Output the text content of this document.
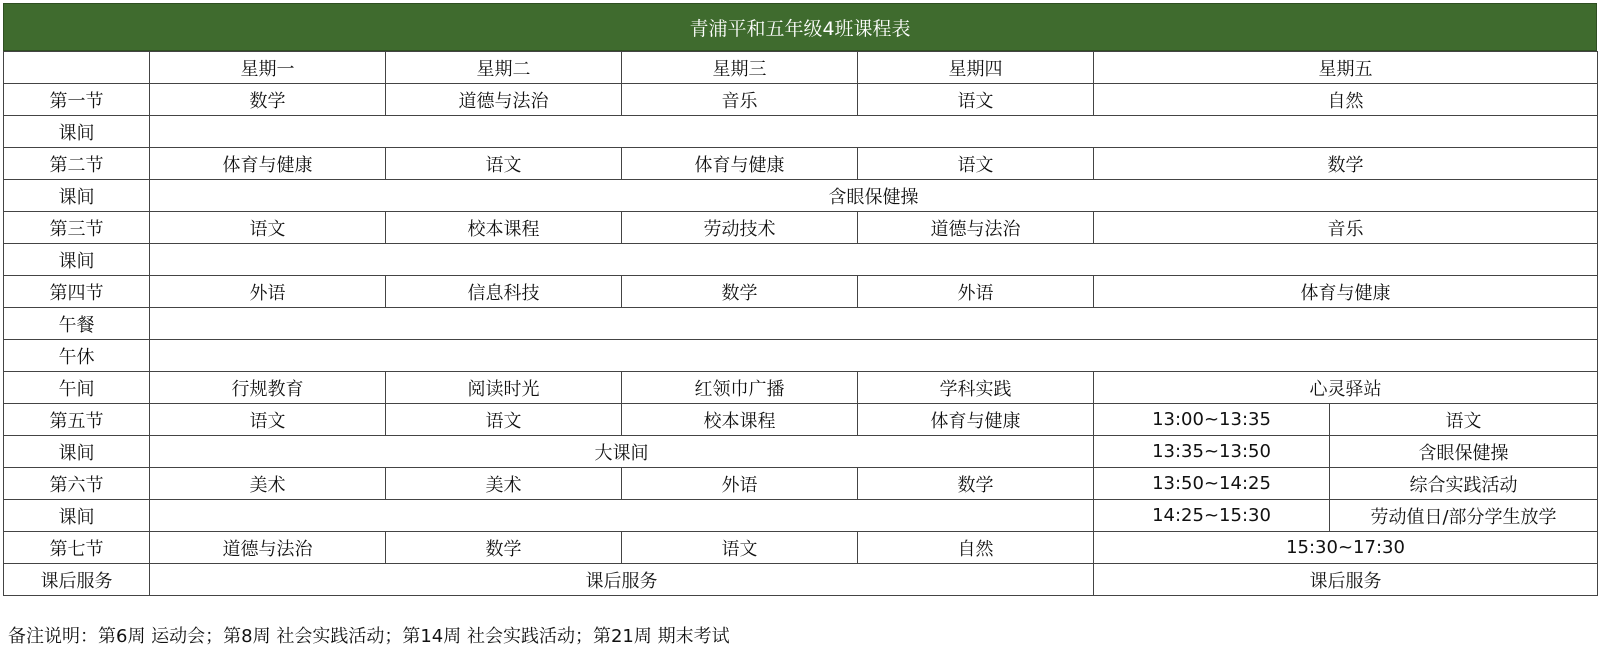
青浦平和五年级4班课程表
	星期一	星期二	星期三	星期四	星期五	
第一节	数学	道德与法治	音乐	语文	自然	
课间						
第二节	体育与健康	语文	体育与健康	语文	数学	
课间	含眼保健操					
第三节	语文	校本课程	劳动技术	道德与法治	音乐	
课间						
第四节	外语	信息科技	数学	外语	体育与健康	
午餐						
午休						
午间	行规教育	阅读时光	红领巾广播	学科实践	心灵驿站	
第五节	语文	语文	校本课程	体育与健康	13:00~13:35	语文
课间	大课间				13:35~13:50	含眼保健操
第六节	美术	美术	外语	数学	13:50~14:25	综合实践活动
课间					14:25~15:30	劳动值日/部分学生放学
第七节	道德与法治	数学	语文	自然	15:30~17:30	
课后服务	课后服务				课后服务	
备注说明：第6周 运动会；第8周 社会实践活动；第14周 社会实践活动；第21周 期末考试
